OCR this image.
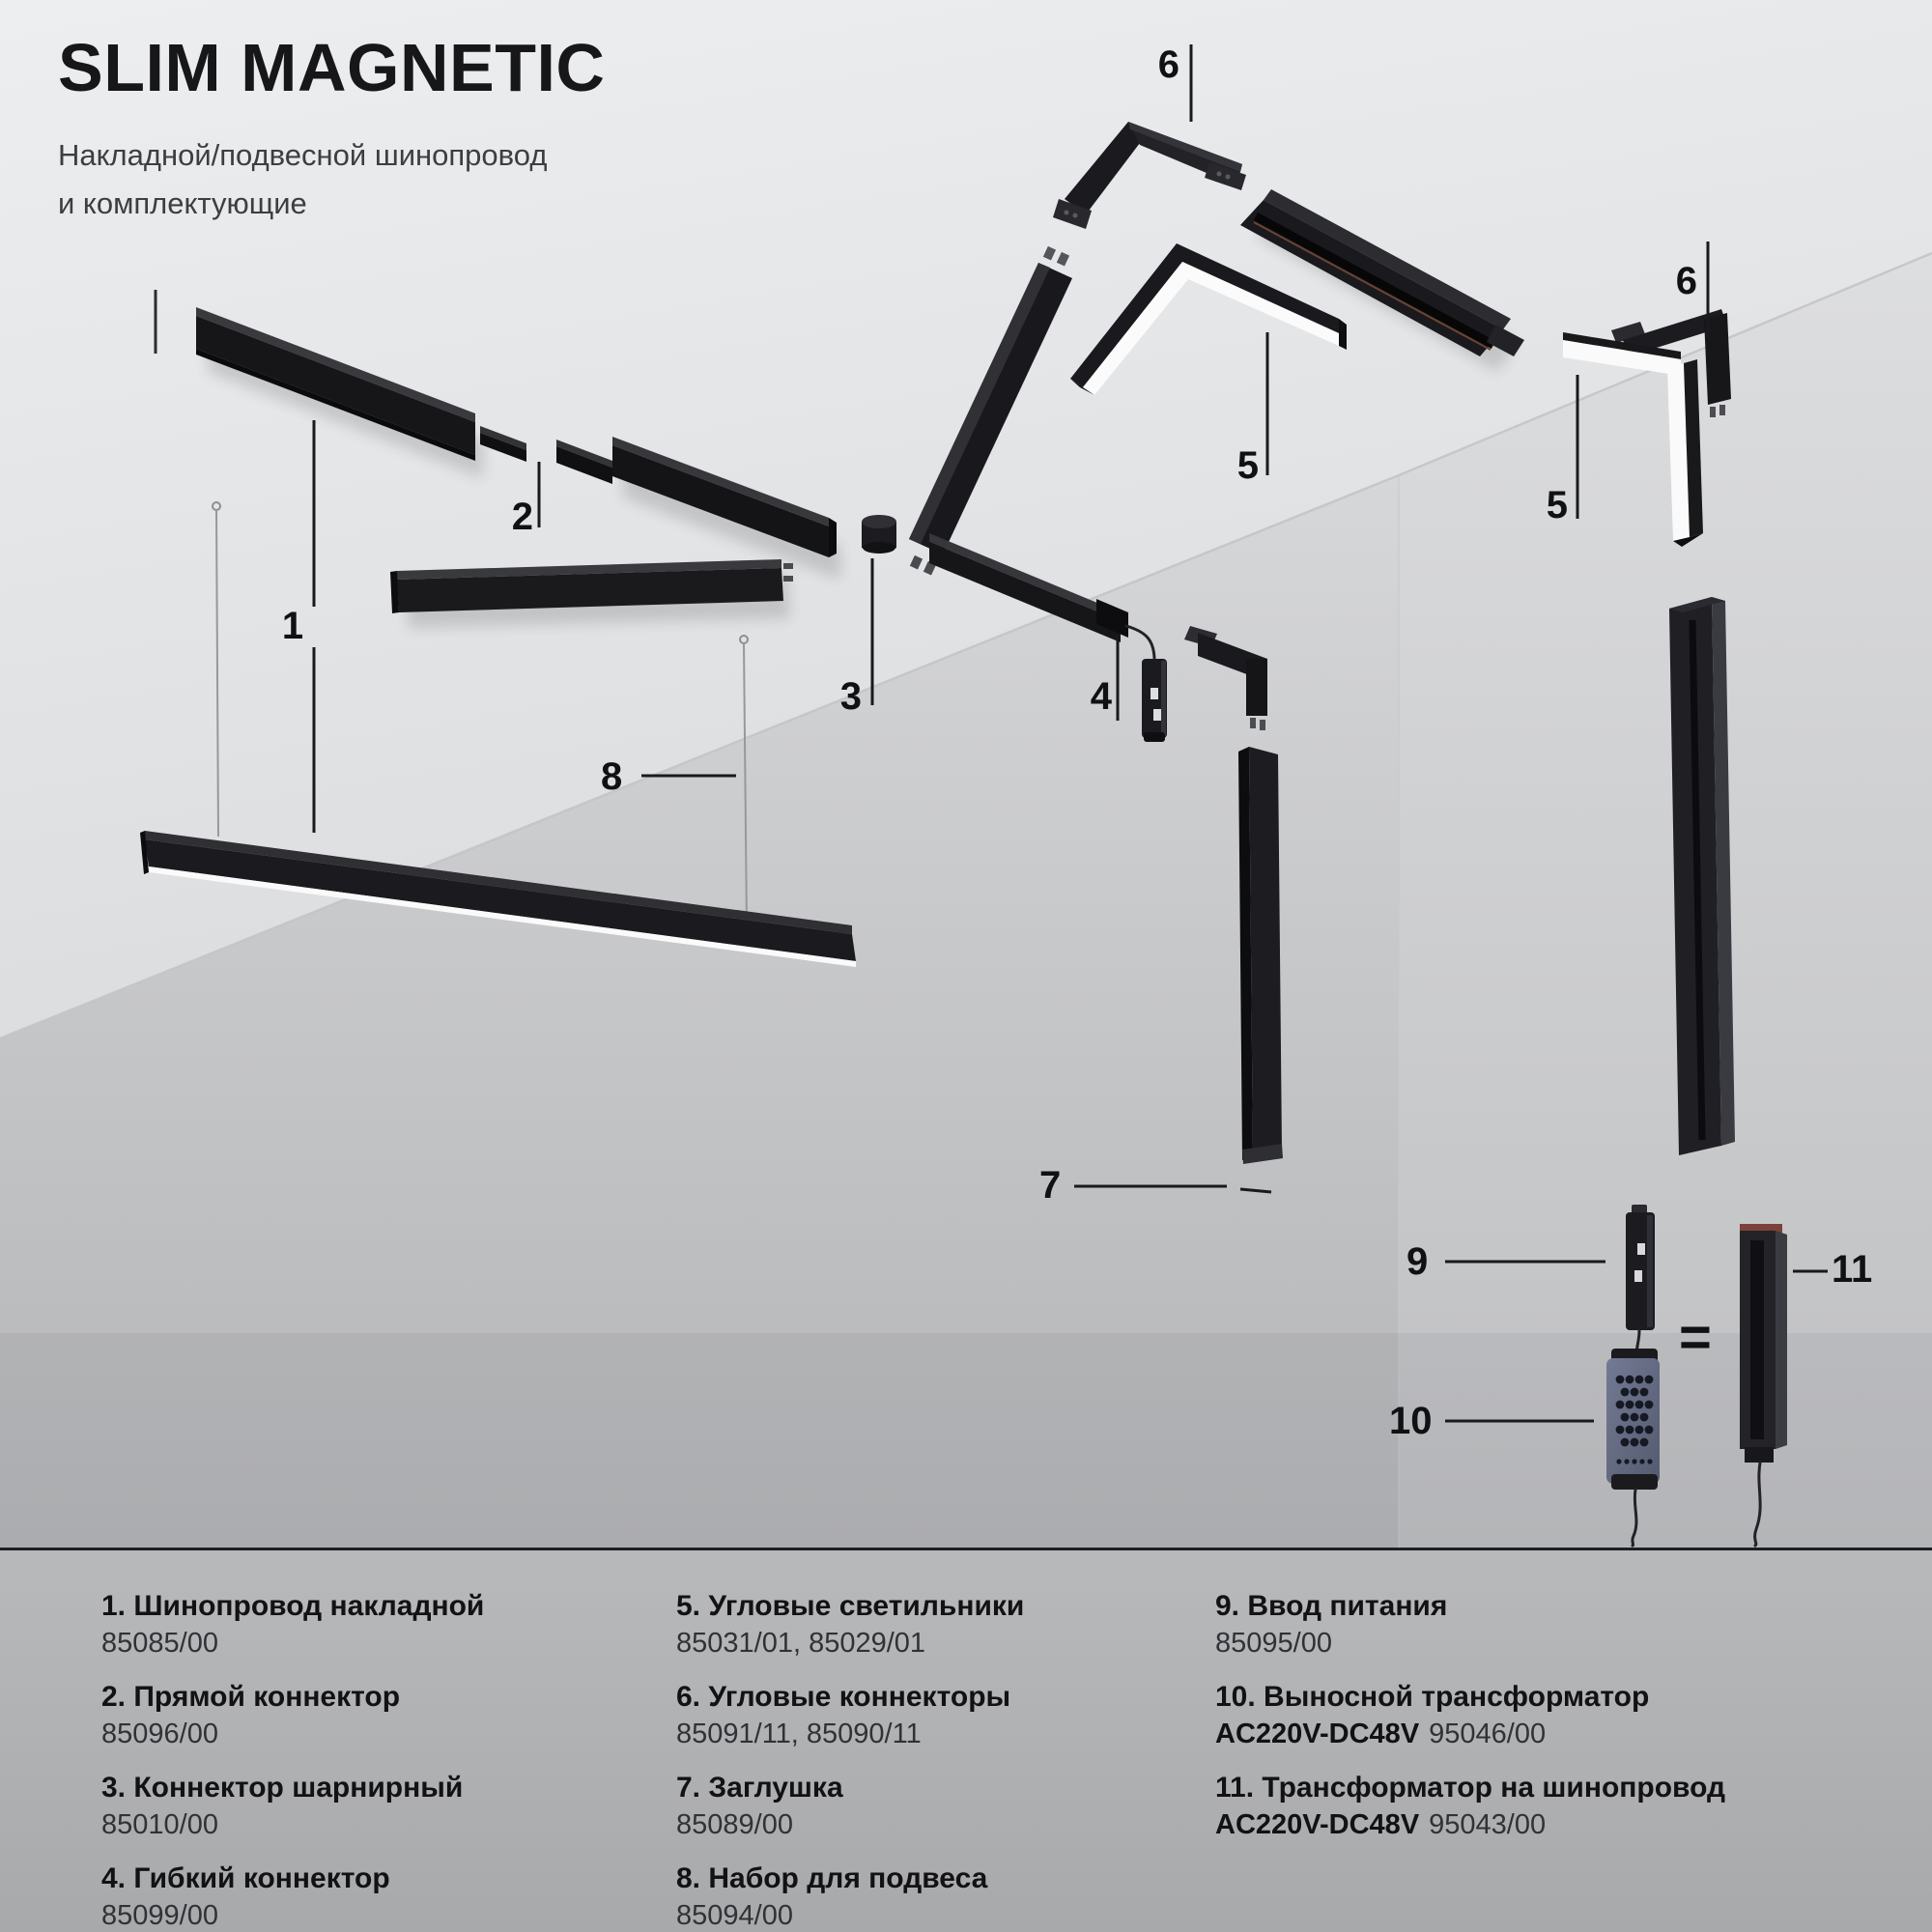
1
2
3	4
5
6
5
6
7
8
9
10
11
=
SLIM MAGNETIC
Накладной/подвесной шинопровод
и комплектующие
1. Шинопровод накладной
85085/00
2. Прямой коннектор
85096/00
3. Коннектор шарнирный
85010/00
4. Гибкий коннектор
85099/00
5. Угловые светильники
85031/01, 85029/01
6. Угловые коннекторы
85091/11, 85090/11
7. Заглушка
85089/00
8. Набор для подвеса
85094/00
9. Ввод питания
85095/00
10. Выносной трансформатор
AC220V-DC48V 95046/00
11. Трансформатор на шинопровод
AC220V-DC48V 95043/00
